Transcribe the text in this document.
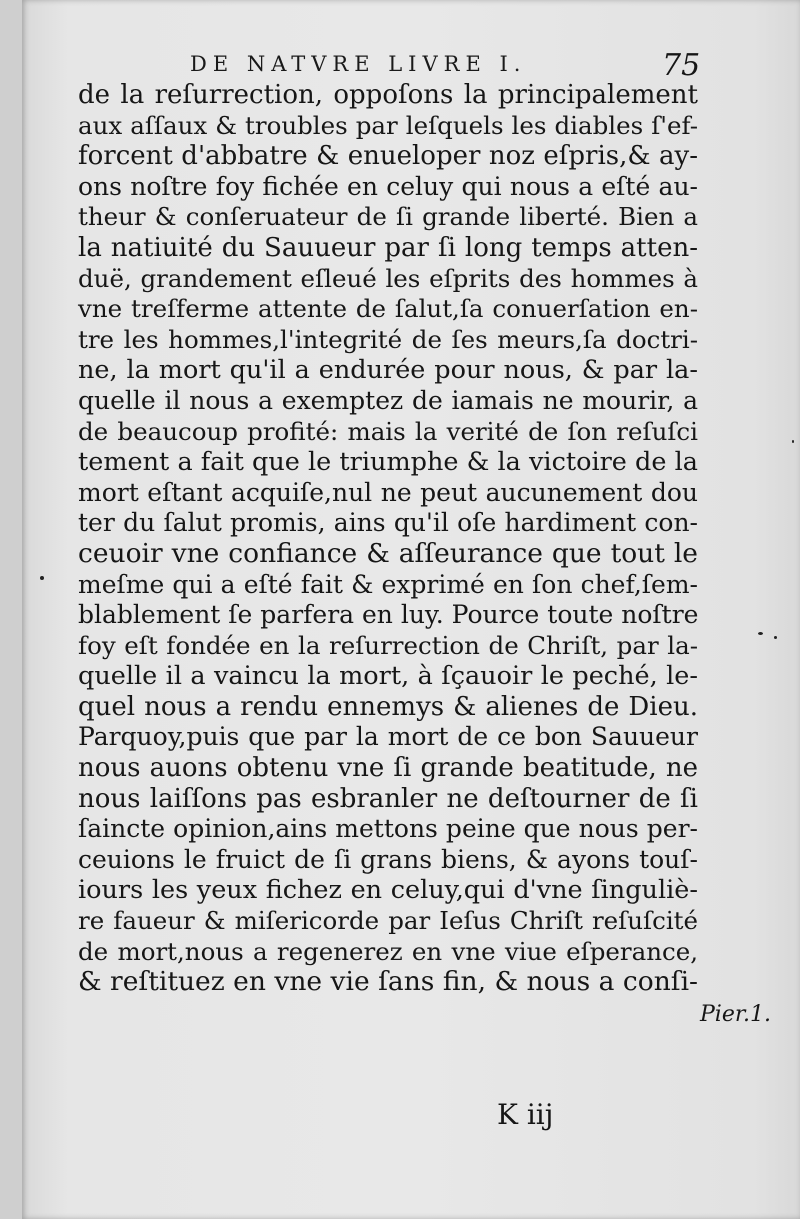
DE NATVRE LIVRE I.	75
de la reſurrection, oppoſons la principalement
aux aſſaux & troubles par leſquels les diables ſ'ef-
forcent d'abbatre & enueloper noz eſpris,& ay-
ons noſtre foy fichée en celuy qui nous a eſté au-
theur & conſeruateur de ſi grande liberté. Bien a
la natiuité du Sauueur par ſi long temps atten-
duë, grandement eſleué les eſprits des hommes à
vne treſferme attente de ſalut,ſa conuerſation en-
tre les hommes,l'integrité de ſes meurs,ſa doctri-
ne, la mort qu'il a endurée pour nous, & par la-
quelle il nous a exemptez de iamais ne mourir, a
de beaucoup profité: mais la verité de ſon reſuſci
tement a fait que le triumphe & la victoire de la
mort eſtant acquiſe,nul ne peut aucunement dou
ter du ſalut promis, ains qu'il oſe hardiment con-
ceuoir vne confiance & aſſeurance que tout le
meſme qui a eſté fait & exprimé en ſon chef,ſem-
blablement ſe parfera en luy. Pource toute noſtre
foy eſt fondée en la reſurrection de Chriſt, par la-
quelle il a vaincu la mort, à ſçauoir le peché, le-
quel nous a rendu ennemys & alienes de Dieu.
Parquoy,puis que par la mort de ce bon Sauueur
nous auons obtenu vne ſi grande beatitude, ne
nous laiſſons pas esbranler ne deſtourner de ſi
ſaincte opinion,ains mettons peine que nous per-
ceuions le fruict de ſi grans biens, & ayons touſ-
iours les yeux fichez en celuy,qui d'vne ſinguliè-
re faueur & miſericorde par Ieſus Chriſt reſuſcité
de mort,nous a regenerez en vne viue eſperance,
& reſtituez en vne vie ſans fin, & nous a conſi-
Pier.1.
K iij
